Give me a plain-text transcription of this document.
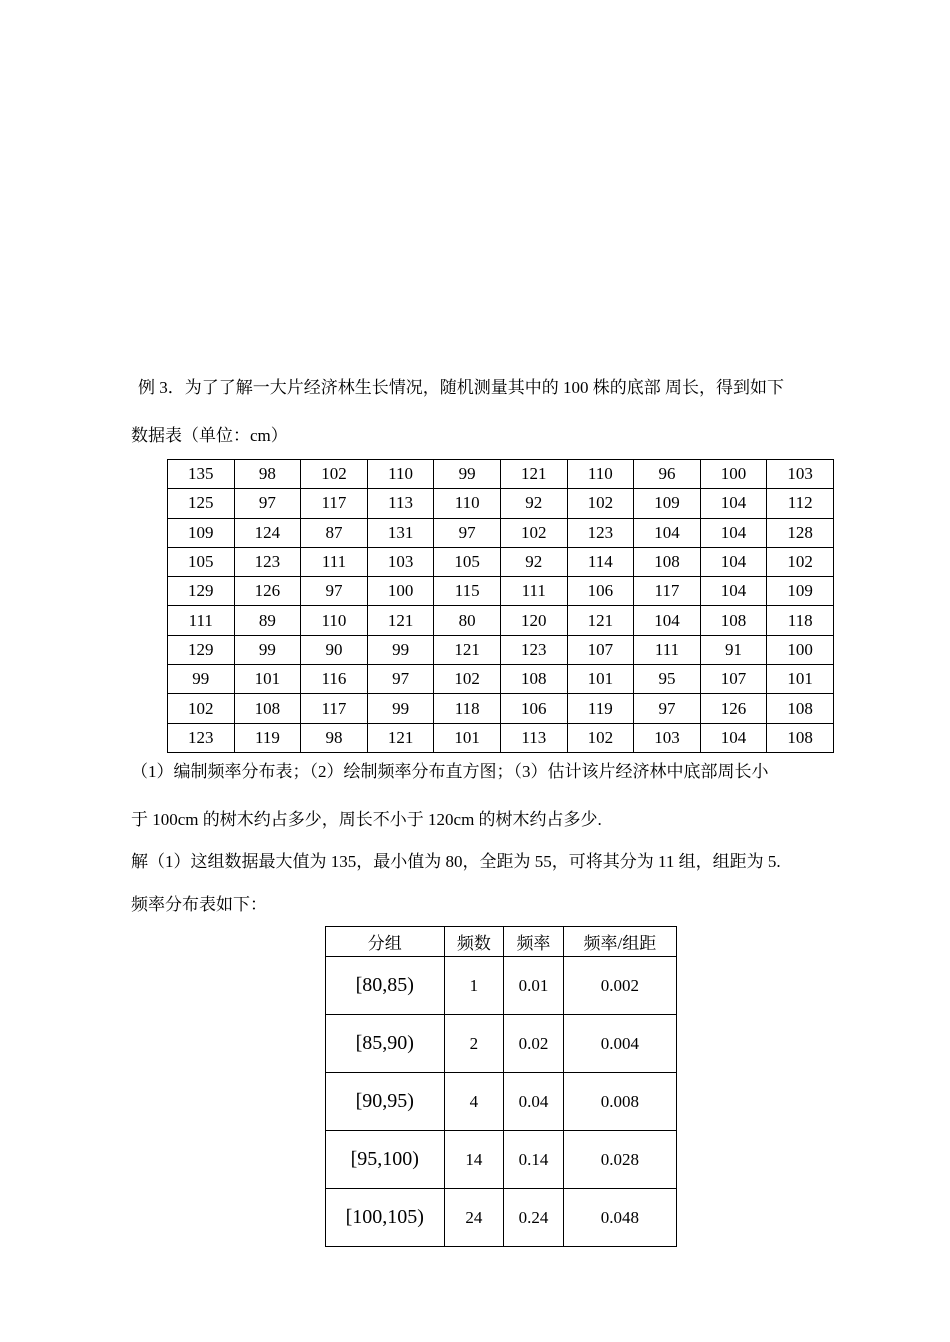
例 3．为了了解一大片经济林生长情况，随机测量其中的 100 株的底部 周长，得到如下
数据表（单位：cm）
135	98	102	110	99	121	110	96	100	103
125	97	117	113	110	92	102	109	104	112
109	124	87	131	97	102	123	104	104	128
105	123	111	103	105	92	114	108	104	102
129	126	97	100	115	111	106	117	104	109
111	89	110	121	80	120	121	104	108	118
129	99	90	99	121	123	107	111	91	100
99	101	116	97	102	108	101	95	107	101
102	108	117	99	118	106	119	97	126	108
123	119	98	121	101	113	102	103	104	108
（1）编制频率分布表；（2）绘制频率分布直方图；（3）估计该片经济林中底部周长小
于 100cm 的树木约占多少，周长不小于 120cm 的树木约占多少.
解（1）这组数据最大值为 135，最小值为 80，全距为 55，可将其分为 11 组，组距为 5.
频率分布表如下：
分组	频数	频率	频率/组距
[80,85)	1	0.01	0.002
[85,90)	2	0.02	0.004
[90,95)	4	0.04	0.008
[95,100)	14	0.14	0.028
[100,105)	24	0.24	0.048
